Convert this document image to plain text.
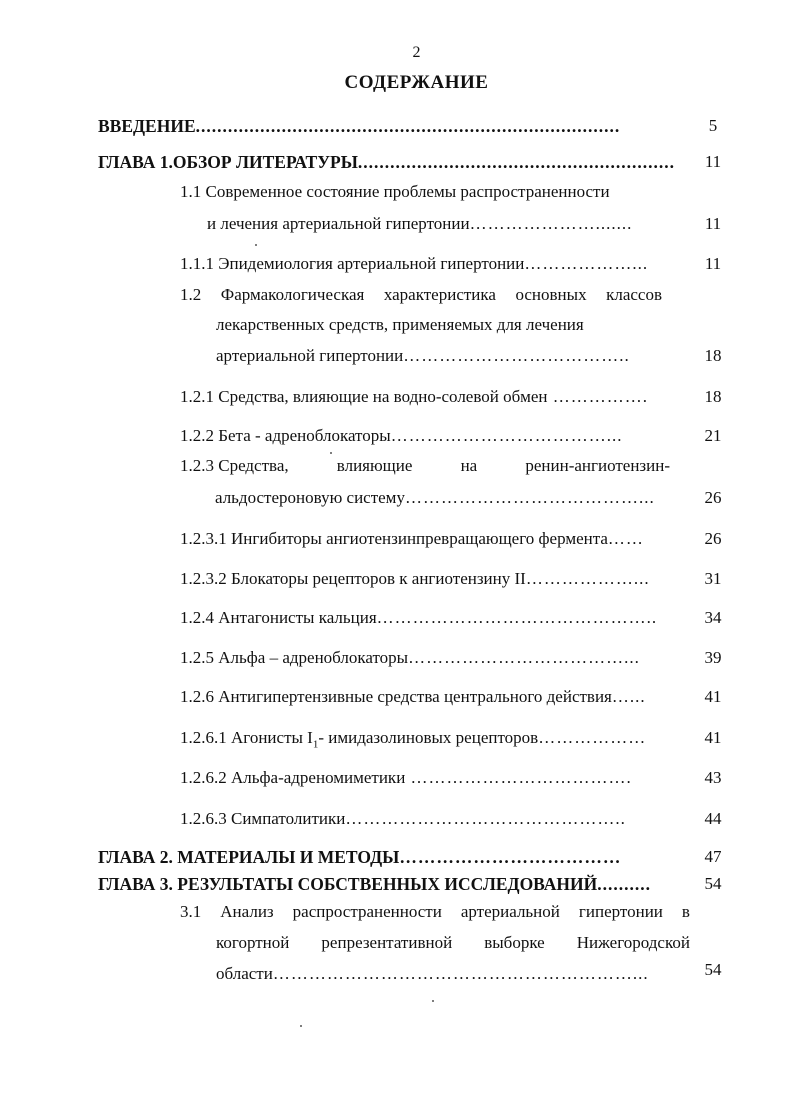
2
СОДЕРЖАНИЕ
ВВЕДЕНИЕ...............................................................................	5
ГЛАВА 1.ОБЗОР ЛИТЕРАТУРЫ...........................................................	11
1.1 Современное состояние проблемы распространенности
и лечения артериальной гипертонии………………….......	11
1.1.1 Эпидемиология артериальной гипертонии………………...	11
1.2 Фармакологическая характеристика основных классов
лекарственных средств, применяемых для лечения
артериальной гипертонии………………………………..	18
1.2.1 Средства, влияющие на водно-солевой обмен …………….	18
1.2.2 Бета - адреноблокаторы………………………………...	21
1.2.3 Средства,	влияющие	на	ренин-ангиотензин-
альдостероновую систему…………………………………...	26
1.2.3.1 Ингибиторы ангиотензинпревращающего фермента……	26
1.2.3.2 Блокаторы рецепторов к ангиотензину II………………...	31
1.2.4 Антагонисты кальция………………………………………..	34
1.2.5 Альфа – адреноблокаторы………………………………...	39
1.2.6 Антигипертензивные средства центрального действия…...	41
1.2.6.1 Агонисты $I_1-$ имидазолиновых рецепторов………………	41
1.2.6.2 Альфа-адреномиметики ……………………………….	43
1.2.6.3 Симпатолитики………………………………………..	44
ГЛАВА 2. МАТЕРИАЛЫ И МЕТОДЫ………………………………	47
ГЛАВА 3. РЕЗУЛЬТАТЫ СОБСТВЕННЫХ ИССЛЕДОВАНИЙ..........	54
3.1 Анализ распространенности артериальной гипертонии в
когортной репрезентативной выборке Нижегородской
области……………………………………………………...	54
